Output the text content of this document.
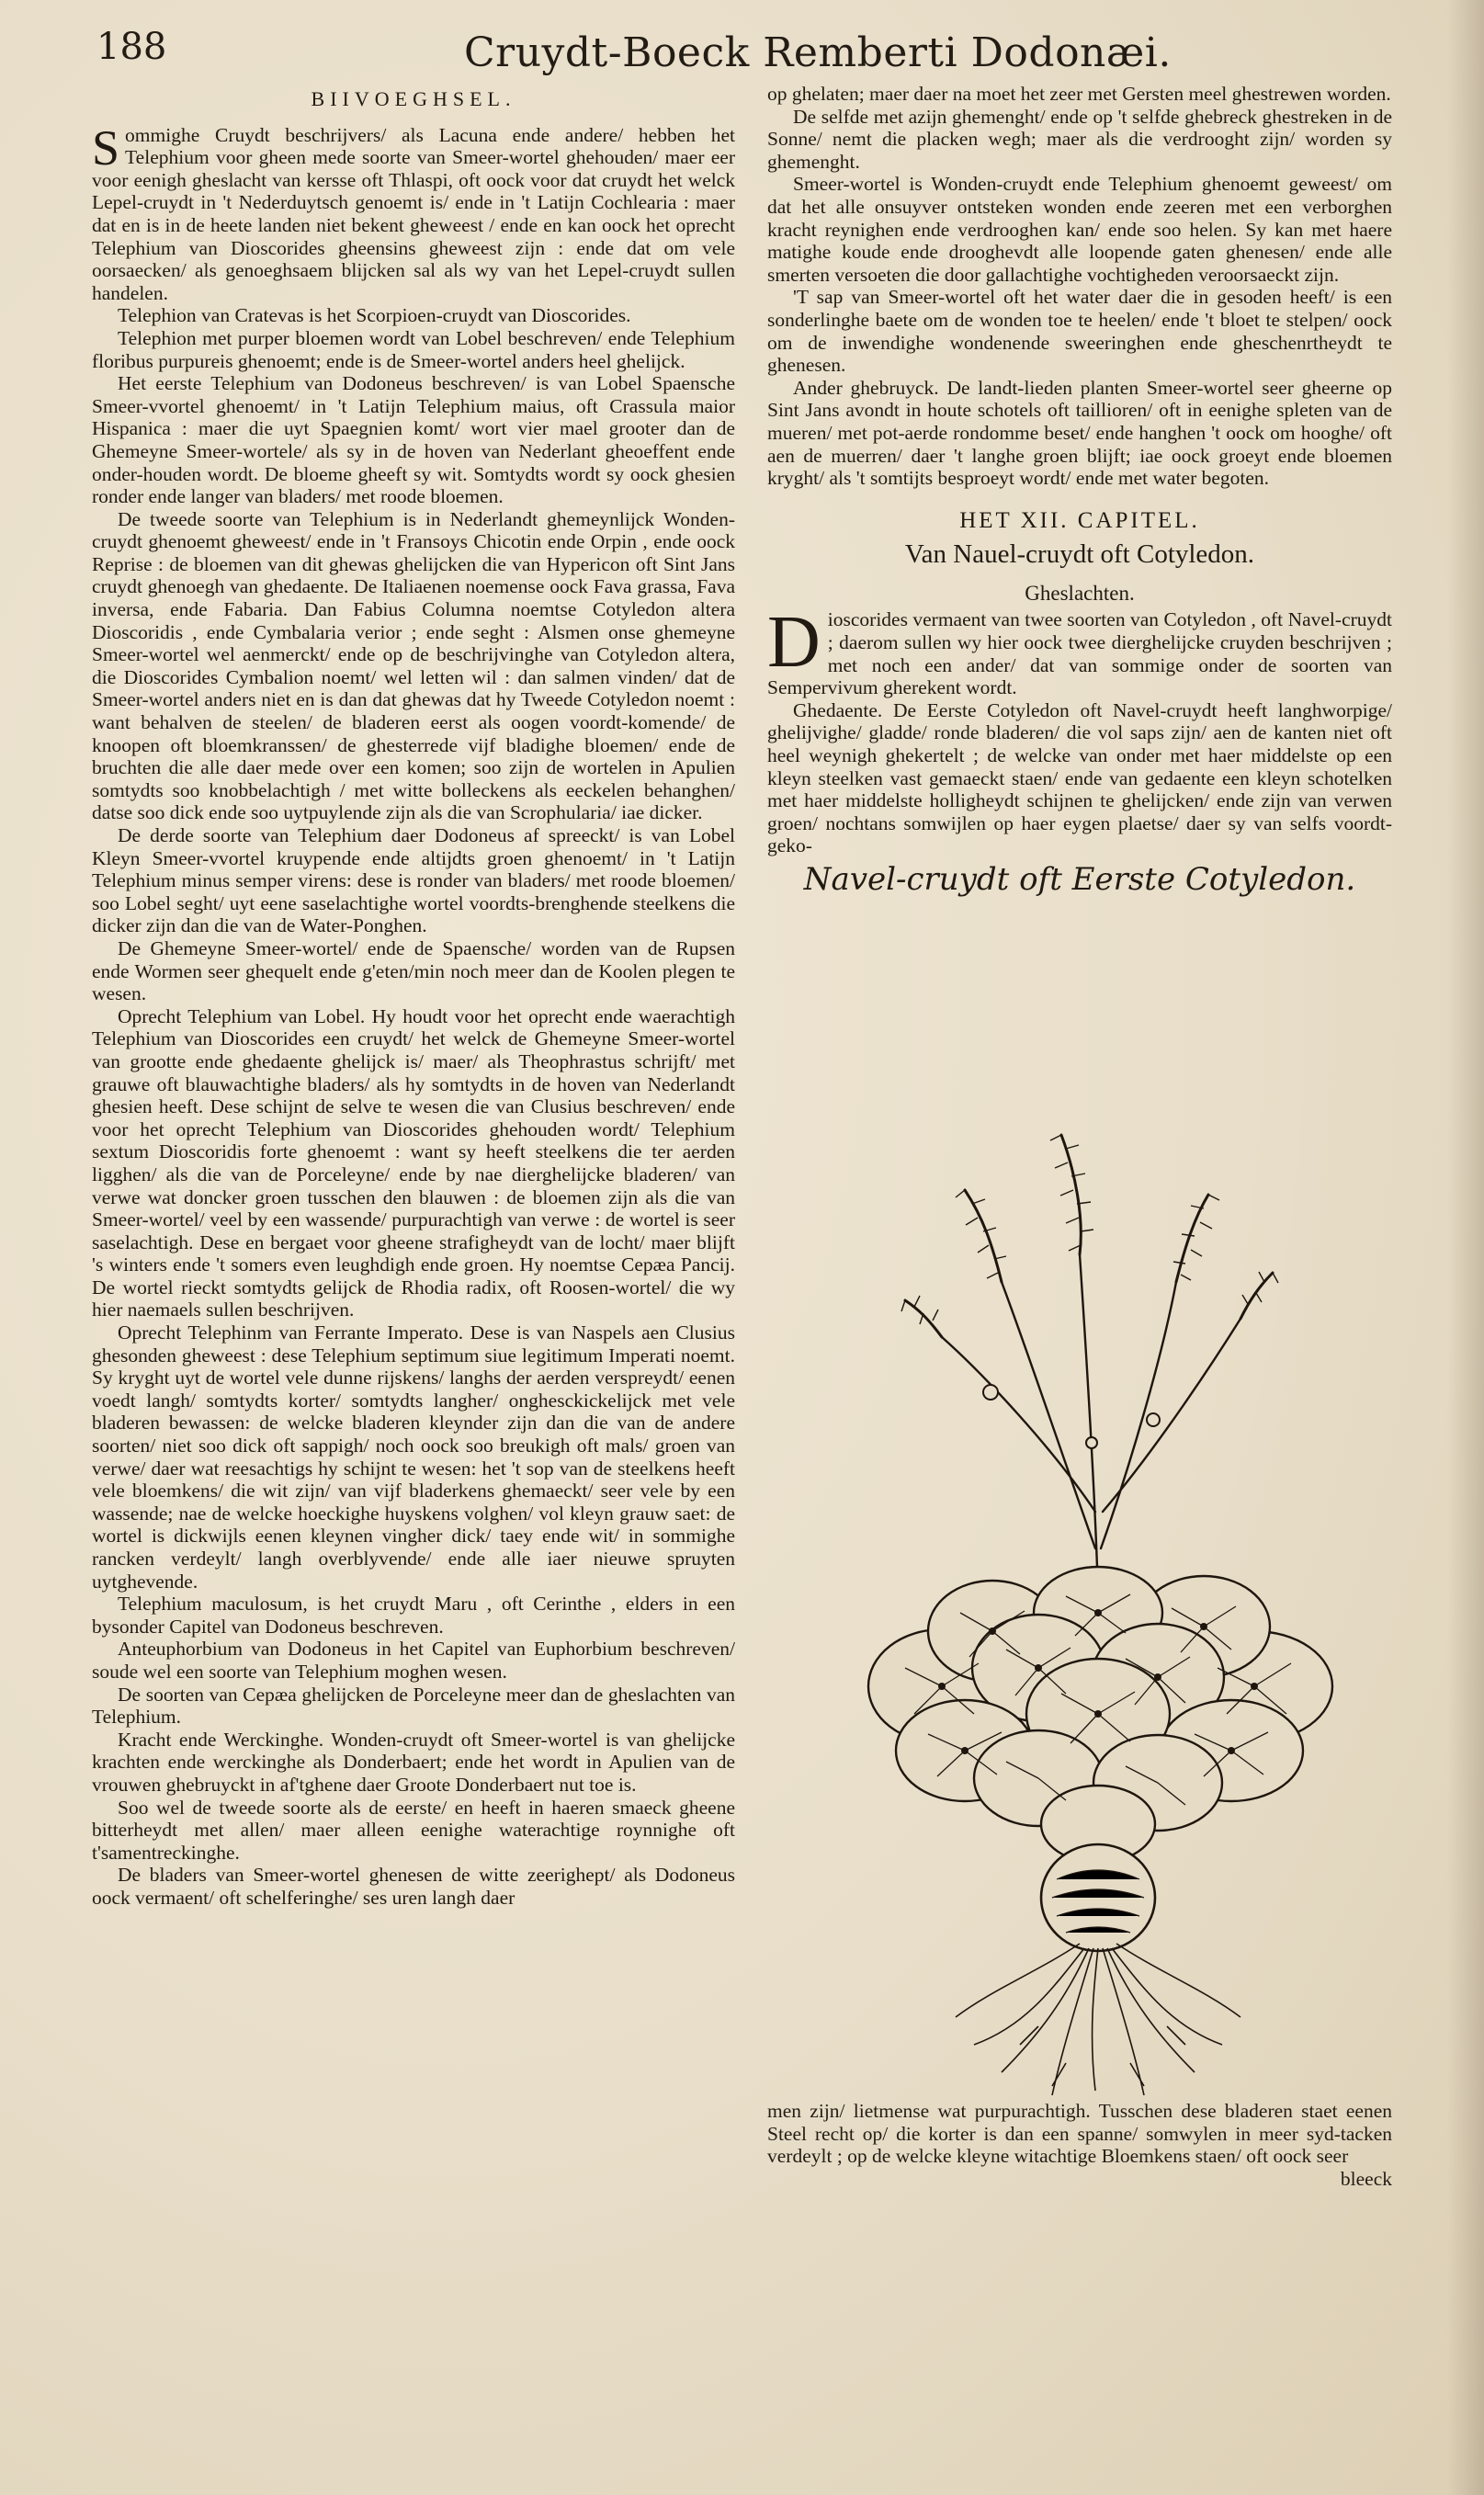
188	Cruydt-Boeck Remberti Dodonæi.
BIIVOEGHSEL.

Sommighe Cruydt beschrijvers/ als Lacuna ende andere/ hebben het Telephium voor gheen mede soorte van Smeer-wortel ghehouden/ maer eer voor eenigh gheslacht van kersse oft Thlaspi, oft oock voor dat cruydt het welck Lepel-cruydt in 't Nederduytsch genoemt is/ ende in 't Latijn Cochlearia : maer dat en is in de heete landen niet bekent gheweest / ende en kan oock het oprecht Telephium van Dioscorides gheensins gheweest zijn : ende dat om vele oorsaecken/ als genoeghsaem blijcken sal als wy van het Lepel-cruydt sullen handelen.

Telephion van Cratevas is het Scorpioen-cruydt van Dioscorides.

Telephion met purper bloemen wordt van Lobel beschreven/ ende Telephium floribus purpureis ghenoemt; ende is de Smeer-wortel anders heel ghelijck.

Het eerste Telephium van Dodoneus beschreven/ is van Lobel Spaensche Smeer-vvortel ghenoemt/ in 't Latijn Telephium maius, oft Crassula maior Hispanica : maer die uyt Spaegnien komt/ wort vier mael grooter dan de Ghemeyne Smeer-wortele/ als sy in de hoven van Nederlant gheoeffent ende onder-houden wordt. De bloeme gheeft sy wit. Somtydts wordt sy oock ghesien ronder ende langer van bladers/ met roode bloemen.

De tweede soorte van Telephium is in Nederlandt ghemeynlijck Wonden-cruydt ghenoemt gheweest/ ende in 't Fransoys Chicotin ende Orpin , ende oock Reprise : de bloemen van dit ghewas ghelijcken die van Hypericon oft Sint Jans cruydt ghenoegh van ghedaente. De Italiaenen noemense oock Fava grassa, Fava inversa, ende Fabaria. Dan Fabius Columna noemtse Cotyledon altera Dioscoridis , ende Cymbalaria verior ; ende seght : Alsmen onse ghemeyne Smeer-wortel wel aenmerckt/ ende op de beschrijvinghe van Cotyledon altera, die Dioscorides Cymbalion noemt/ wel letten wil : dan salmen vinden/ dat de Smeer-wortel anders niet en is dan dat ghewas dat hy Tweede Cotyledon noemt : want behalven de steelen/ de bladeren eerst als oogen voordt-komende/ de knoopen oft bloemkranssen/ de ghesterrede vijf bladighe bloemen/ ende de bruchten die alle daer mede over een komen; soo zijn de wortelen in Apulien somtydts soo knobbelachtigh / met witte bolleckens als eeckelen behanghen/ datse soo dick ende soo uytpuylende zijn als die van Scrophularia/ iae dicker.

De derde soorte van Telephium daer Dodoneus af spreeckt/ is van Lobel Kleyn Smeer-vvortel kruypende ende altijdts groen ghenoemt/ in 't Latijn Telephium minus semper virens: dese is ronder van bladers/ met roode bloemen/ soo Lobel seght/ uyt eene saselachtighe wortel voordts-brenghende steelkens die dicker zijn dan die van de Water-Ponghen.

De Ghemeyne Smeer-wortel/ ende de Spaensche/ worden van de Rupsen ende Wormen seer ghequelt ende g'eten/min noch meer dan de Koolen plegen te wesen.

Oprecht Telephium van Lobel. Hy houdt voor het oprecht ende waerachtigh Telephium van Dioscorides een cruydt/ het welck de Ghemeyne Smeer-wortel van grootte ende ghedaente ghelijck is/ maer/ als Theophrastus schrijft/ met grauwe oft blauwachtighe bladers/ als hy somtydts in de hoven van Nederlandt ghesien heeft. Dese schijnt de selve te wesen die van Clusius beschreven/ ende voor het oprecht Telephium van Dioscorides ghehouden wordt/ Telephium sextum Dioscoridis forte ghenoemt : want sy heeft steelkens die ter aerden ligghen/ als die van de Porceleyne/ ende by nae dierghelijcke bladeren/ van verwe wat doncker groen tusschen den blauwen : de bloemen zijn als die van Smeer-wortel/ veel by een wassende/ purpurachtigh van verwe : de wortel is seer saselachtigh. Dese en bergaet voor gheene strafigheydt van de locht/ maer blijft 's winters ende 't somers even leughdigh ende groen. Hy noemtse Cepæa Pancij. De wortel rieckt somtydts gelijck de Rhodia radix, oft Roosen-wortel/ die wy hier naemaels sullen beschrijven.

Oprecht Telephinm van Ferrante Imperato. Dese is van Naspels aen Clusius ghesonden gheweest : dese Telephium septimum siue legitimum Imperati noemt. Sy kryght uyt de wortel vele dunne rijskens/ langhs der aerden verspreydt/ eenen voedt langh/ somtydts korter/ somtydts langher/ onghesckickelijck met vele bladeren bewassen: de welcke bladeren kleynder zijn dan die van de andere soorten/ niet soo dick oft sappigh/ noch oock soo breukigh oft mals/ groen van verwe/ daer wat reesachtigs hy schijnt te wesen: het 't sop van de steelkens heeft vele bloemkens/ die wit zijn/ van vijf bladerkens ghemaeckt/ seer vele by een wassende; nae de welcke hoeckighe huyskens volghen/ vol kleyn grauw saet: de wortel is dickwijls eenen kleynen vingher dick/ taey ende wit/ in sommighe rancken verdeylt/ langh overblyvende/ ende alle iaer nieuwe spruyten uytghevende.

Telephium maculosum, is het cruydt Maru , oft Cerinthe , elders in een bysonder Capitel van Dodoneus beschreven.

Anteuphorbium van Dodoneus in het Capitel van Euphorbium beschreven/ soude wel een soorte van Telephium moghen wesen.

De soorten van Cepæa ghelijcken de Porceleyne meer dan de gheslachten van Telephium.

Kracht ende Werckinghe. Wonden-cruydt oft Smeer-wortel is van ghelijcke krachten ende werckinghe als Donderbaert; ende het wordt in Apulien van de vrouwen ghebruyckt in af'tghene daer Groote Donderbaert nut toe is.

Soo wel de tweede soorte als de eerste/ en heeft in haeren smaeck gheene bitterheydt met allen/ maer alleen eenighe waterachtige roynnighe oft t'samentreckinghe.

De bladers van Smeer-wortel ghenesen de witte zeerighept/ als Dodoneus oock vermaent/ oft schelferinghe/ ses uren langh daer

op ghelaten; maer daer na moet het zeer met Gersten meel ghestrewen worden.

De selfde met azijn ghemenght/ ende op 't selfde ghebreck ghestreken in de Sonne/ nemt die placken wegh; maer als die verdrooght zijn/ worden sy ghemenght.

Smeer-wortel is Wonden-cruydt ende Telephium ghenoemt geweest/ om dat het alle onsuyver ontsteken wonden ende zeeren met een verborghen kracht reynighen ende verdrooghen kan/ ende soo helen. Sy kan met haere matighe koude ende drooghevdt alle loopende gaten ghenesen/ ende alle smerten versoeten die door gallachtighe vochtigheden veroorsaeckt zijn.

'T sap van Smeer-wortel oft het water daer die in gesoden heeft/ is een sonderlinghe baete om de wonden toe te heelen/ ende 't bloet te stelpen/ oock om de inwendighe wondenende sweeringhen ende gheschenrtheydt te ghenesen.

Ander ghebruyck. De landt-lieden planten Smeer-wortel seer gheerne op Sint Jans avondt in houte schotels oft taillioren/ oft in eenighe spleten van de mueren/ met pot-aerde rondomme beset/ ende hanghen 't oock om hooghe/ oft aen de muerren/ daer 't langhe groen blijft; iae oock groeyt ende bloemen kryght/ als 't somtijts besproeyt wordt/ ende met water begoten.

HET XII. CAPITEL.
Van Nauel-cruydt oft Cotyledon.
Gheslachten.

Dioscorides vermaent van twee soorten van Cotyledon , oft Navel-cruydt ; daerom sullen wy hier oock twee dierghelijcke cruyden beschrijven ; met noch een ander/ dat van sommige onder de soorten van Sempervivum gherekent wordt.

Ghedaente. De Eerste Cotyledon oft Navel-cruydt heeft langhworpige/ ghelijvighe/ gladde/ ronde bladeren/ die vol saps zijn/ aen de kanten niet oft heel weynigh ghekertelt ; de welcke van onder met haer middelste op een kleyn steelken vast gemaeckt staen/ ende van gedaente een kleyn schotelken met haer middelste holligheydt schijnen te ghelijcken/ ende zijn van verwen groen/ nochtans somwijlen op haer eygen plaetse/ daer sy van selfs voordt-geko-

Navel-cruydt oft Eerste Cotyledon.

men zijn/ lietmense wat purpurachtigh. Tusschen dese bladeren staet eenen Steel recht op/ die korter is dan een spanne/ somwylen in meer syd-tacken verdeylt ; op de welcke kleyne witachtige Bloemkens staen/ oft oock seer

bleeck
